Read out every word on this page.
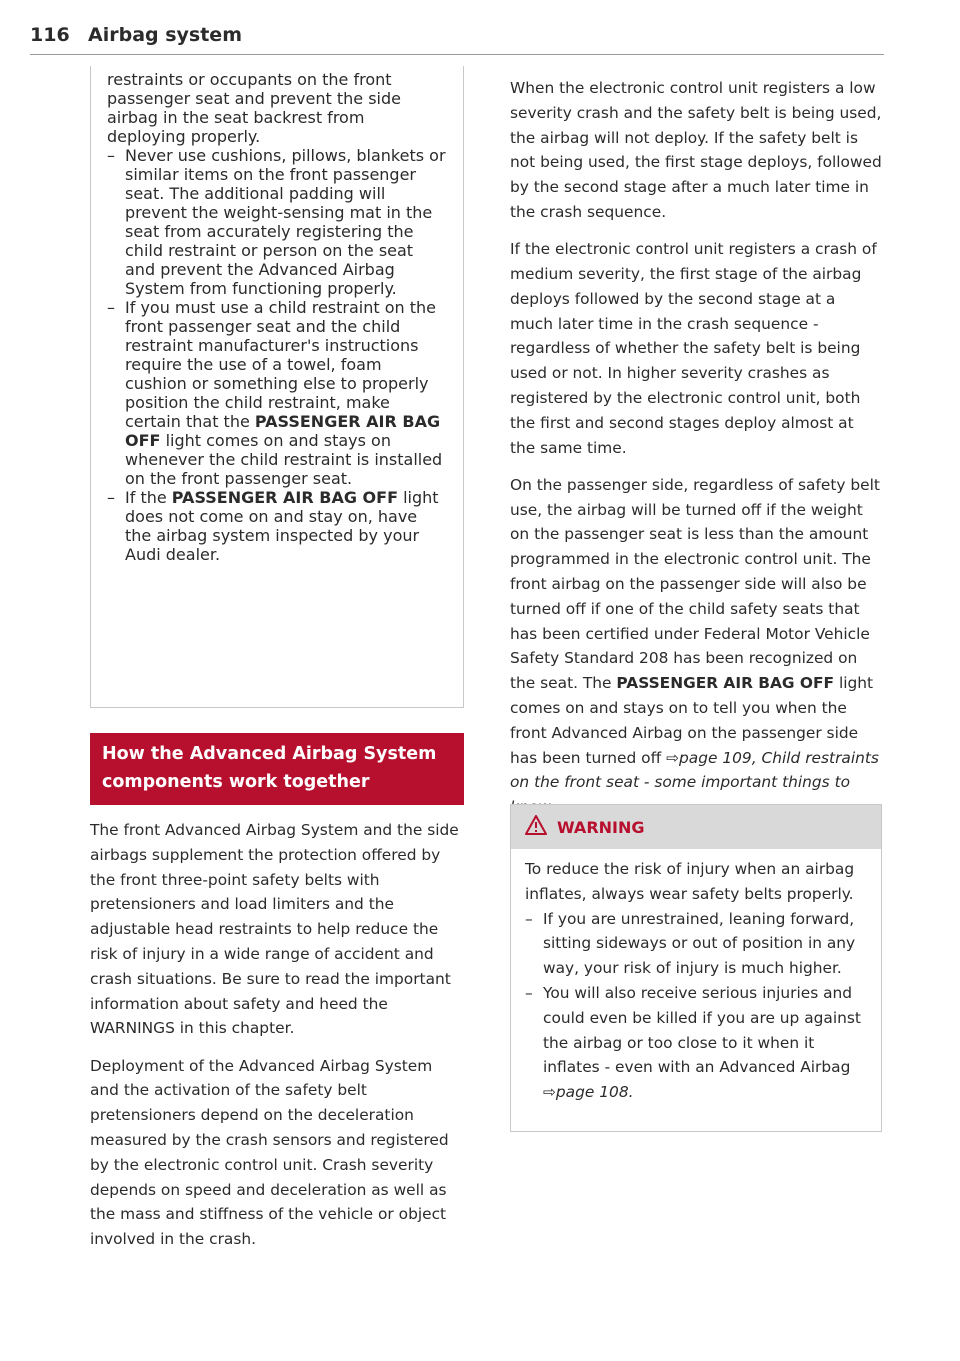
116 Airbag system

restraints or occupants on the front passenger seat and prevent the side airbag in the seat backrest from deploying properly.

– Never use cushions, pillows, blankets or similar items on the front passenger seat. The additional padding will prevent the weight-sensing mat in the seat from accurately registering the child restraint or person on the seat and prevent the Advanced Airbag System from functioning properly.
– If you must use a child restraint on the front passenger seat and the child restraint manufacturer's instructions require the use of a towel, foam cushion or something else to properly position the child restraint, make certain that the PASSENGER AIR BAG OFF light comes on and stays on whenever the child restraint is installed on the front passenger seat.
– If the PASSENGER AIR BAG OFF light does not come on and stay on, have the airbag system inspected by your Audi dealer.
How the Advanced Airbag System components work together

The front Advanced Airbag System and the side airbags supplement the protection offered by the front three-point safety belts with pretensioners and load limiters and the adjustable head restraints to help reduce the risk of injury in a wide range of accident and crash situations. Be sure to read the important information about safety and heed the WARNINGS in this chapter.

Deployment of the Advanced Airbag System and the activation of the safety belt pretensioners depend on the deceleration measured by the crash sensors and registered by the electronic control unit. Crash severity depends on speed and deceleration as well as the mass and stiffness of the vehicle or object involved in the crash.

When the electronic control unit registers a low severity crash and the safety belt is being used, the airbag will not deploy. If the safety belt is not being used, the first stage deploys, followed by the second stage after a much later time in the crash sequence.

If the electronic control unit registers a crash of medium severity, the first stage of the airbag deploys followed by the second stage at a much later time in the crash sequence - regardless of whether the safety belt is being used or not. In higher severity crashes as registered by the electronic control unit, both the first and second stages deploy almost at the same time.

On the passenger side, regardless of safety belt use, the airbag will be turned off if the weight on the passenger seat is less than the amount programmed in the electronic control unit. The front airbag on the passenger side will also be turned off if one of the child safety seats that has been certified under Federal Motor Vehicle Safety Standard 208 has been recognized on the seat. The PASSENGER AIR BAG OFF light comes on and stays on to tell you when the front Advanced Airbag on the passenger side has been turned off ⇨page 109, Child restraints on the front seat - some important things to

WARNING

To reduce the risk of injury when an airbag inflates, always wear safety belts properly.

– If you are unrestrained, leaning forward, sitting sideways or out of position in any way, your risk of injury is much higher.
– You will also receive serious injuries and could even be killed if you are up against the airbag or too close to it when it inflates - even with an Advanced Airbag ⇨page 108.
